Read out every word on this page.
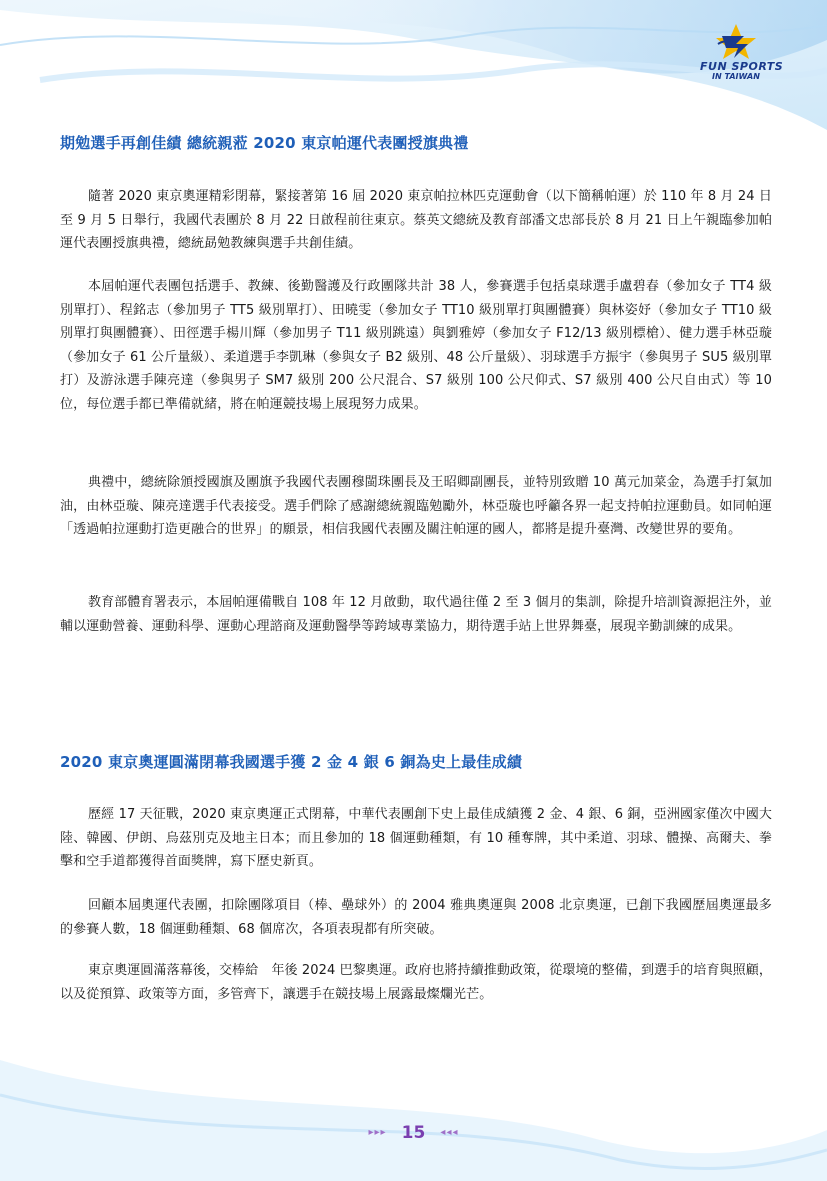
FUN SPORTS
IN TAIWAN
期勉選手再創佳績 總統親蒞 2020 東京帕運代表團授旗典禮

隨著 2020 東京奧運精彩閉幕，緊接著第 16 屆 2020 東京帕拉林匹克運動會（以下簡稱帕運）於 110 年 8 月 24 日至 9 月 5 日舉行，我國代表團於 8 月 22 日啟程前往東京。蔡英文總統及教育部潘文忠部長於 8 月 21 日上午親臨參加帕運代表團授旗典禮，總統勗勉教練與選手共創佳績。

本屆帕運代表團包括選手、教練、後勤醫護及行政團隊共計 38 人，參賽選手包括桌球選手盧碧春（參加女子 TT4 級別單打）、程銘志（參加男子 TT5 級別單打）、田曉雯（參加女子 TT10 級別單打與團體賽）與林姿妤（參加女子 TT10 級別單打與團體賽）、田徑選手楊川輝（參加男子 T11 級別跳遠）與劉雅婷（參加女子 F12/13 級別標槍）、健力選手林亞璇（參加女子 61 公斤量級）、柔道選手李凱琳（參與女子 B2 級別、48 公斤量級）、羽球選手方振宇（參與男子 SU5 級別單打）及游泳選手陳亮達（參與男子 SM7 級別 200 公尺混合、S7 級別 100 公尺仰式、S7 級別 400 公尺自由式）等 10 位，每位選手都已準備就緒，將在帕運競技場上展現努力成果。

典禮中，總統除頒授國旗及團旗予我國代表團穆閩珠團長及王昭卿副團長，並特別致贈 10 萬元加菜金，為選手打氣加油，由林亞璇、陳亮達選手代表接受。選手們除了感謝總統親臨勉勵外，林亞璇也呼籲各界一起支持帕拉運動員。如同帕運「透過帕拉運動打造更融合的世界」的願景，相信我國代表團及關注帕運的國人，都將是提升臺灣、改變世界的要角。

教育部體育署表示，本屆帕運備戰自 108 年 12 月啟動，取代過往僅 2 至 3 個月的集訓，除提升培訓資源挹注外，並輔以運動營養、運動科學、運動心理諮商及運動醫學等跨域專業協力，期待選手站上世界舞臺，展現辛勤訓練的成果。

2020 東京奧運圓滿閉幕我國選手獲 2 金 4 銀 6 銅為史上最佳成績

歷經 17 天征戰，2020 東京奧運正式閉幕，中華代表團創下史上最佳成績獲 2 金、4 銀、6 銅，亞洲國家僅次中國大陸、韓國、伊朗、烏茲別克及地主日本；而且參加的 18 個運動種類，有 10 種奪牌，其中柔道、羽球、體操、高爾夫、拳擊和空手道都獲得首面獎牌，寫下歷史新頁。

回顧本屆奧運代表團，扣除團隊項目（棒、壘球外）的 2004 雅典奧運與 2008 北京奧運，已創下我國歷屆奧運最多的參賽人數，18 個運動種類、68 個席次，各項表現都有所突破。

東京奧運圓滿落幕後，交棒給　年後 2024 巴黎奧運。政府也將持續推動政策，從環境的整備，到選手的培育與照顧，以及從預算、政策等方面，多管齊下，讓選手在競技場上展露最燦爛光芒。

▸▸▸ 15 ◂◂◂
